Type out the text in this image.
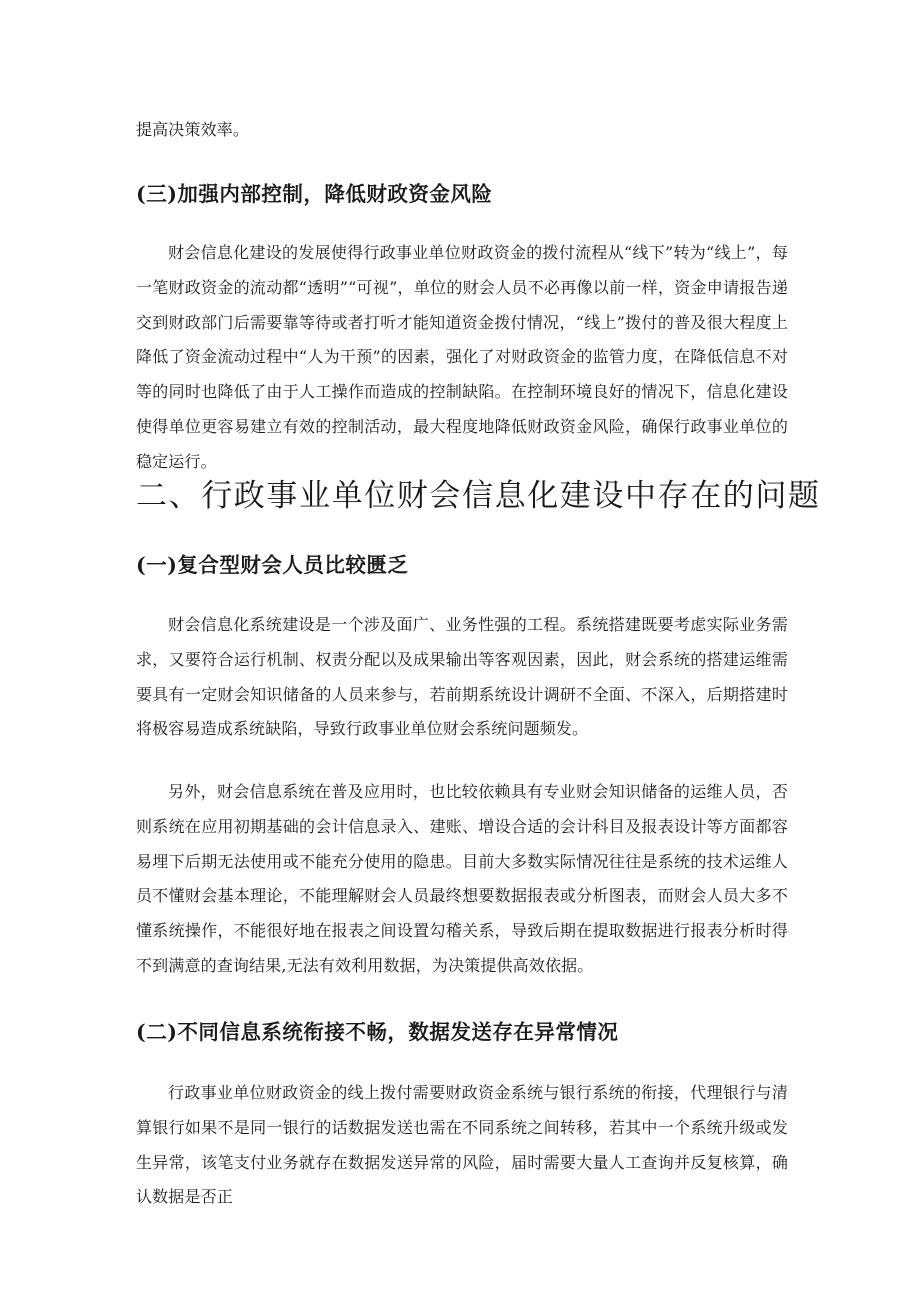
提高决策效率。

(三)加强内部控制，降低财政资金风险

财会信息化建设的发展使得行政事业单位财政资金的拨付流程从“线下”转为“线上”，每一笔财政资金的流动都“透明”“可视”，单位的财会人员不必再像以前一样，资金申请报告递交到财政部门后需要靠等待或者打听才能知道资金拨付情况，“线上”拨付的普及很大程度上降低了资金流动过程中“人为干预”的因素，强化了对财政资金的监管力度，在降低信息不对等的同时也降低了由于人工操作而造成的控制缺陷。在控制环境良好的情况下，信息化建设使得单位更容易建立有效的控制活动，最大程度地降低财政资金风险，确保行政事业单位的稳定运行。

二、行政事业单位财会信息化建设中存在的问题
(一)复合型财会人员比较匮乏

财会信息化系统建设是一个涉及面广、业务性强的工程。系统搭建既要考虑实际业务需求，又要符合运行机制、权责分配以及成果输出等客观因素，因此，财会系统的搭建运维需要具有一定财会知识储备的人员来参与，若前期系统设计调研不全面、不深入，后期搭建时将极容易造成系统缺陷，导致行政事业单位财会系统问题频发。

另外，财会信息系统在普及应用时，也比较依赖具有专业财会知识储备的运维人员，否则系统在应用初期基础的会计信息录入、建账、增设合适的会计科目及报表设计等方面都容易埋下后期无法使用或不能充分使用的隐患。目前大多数实际情况往往是系统的技术运维人员不懂财会基本理论，不能理解财会人员最终想要数据报表或分析图表，而财会人员大多不懂系统操作，不能很好地在报表之间设置勾稽关系，导致后期在提取数据进行报表分析时得不到满意的查询结果,无法有效利用数据，为决策提供高效依据。

(二)不同信息系统衔接不畅，数据发送存在异常情况

行政事业单位财政资金的线上拨付需要财政资金系统与银行系统的衔接，代理银行与清算银行如果不是同一银行的话数据发送也需在不同系统之间转移，若其中一个系统升级或发生异常，该笔支付业务就存在数据发送异常的风险，届时需要大量人工查询并反复核算，确认数据是否正
